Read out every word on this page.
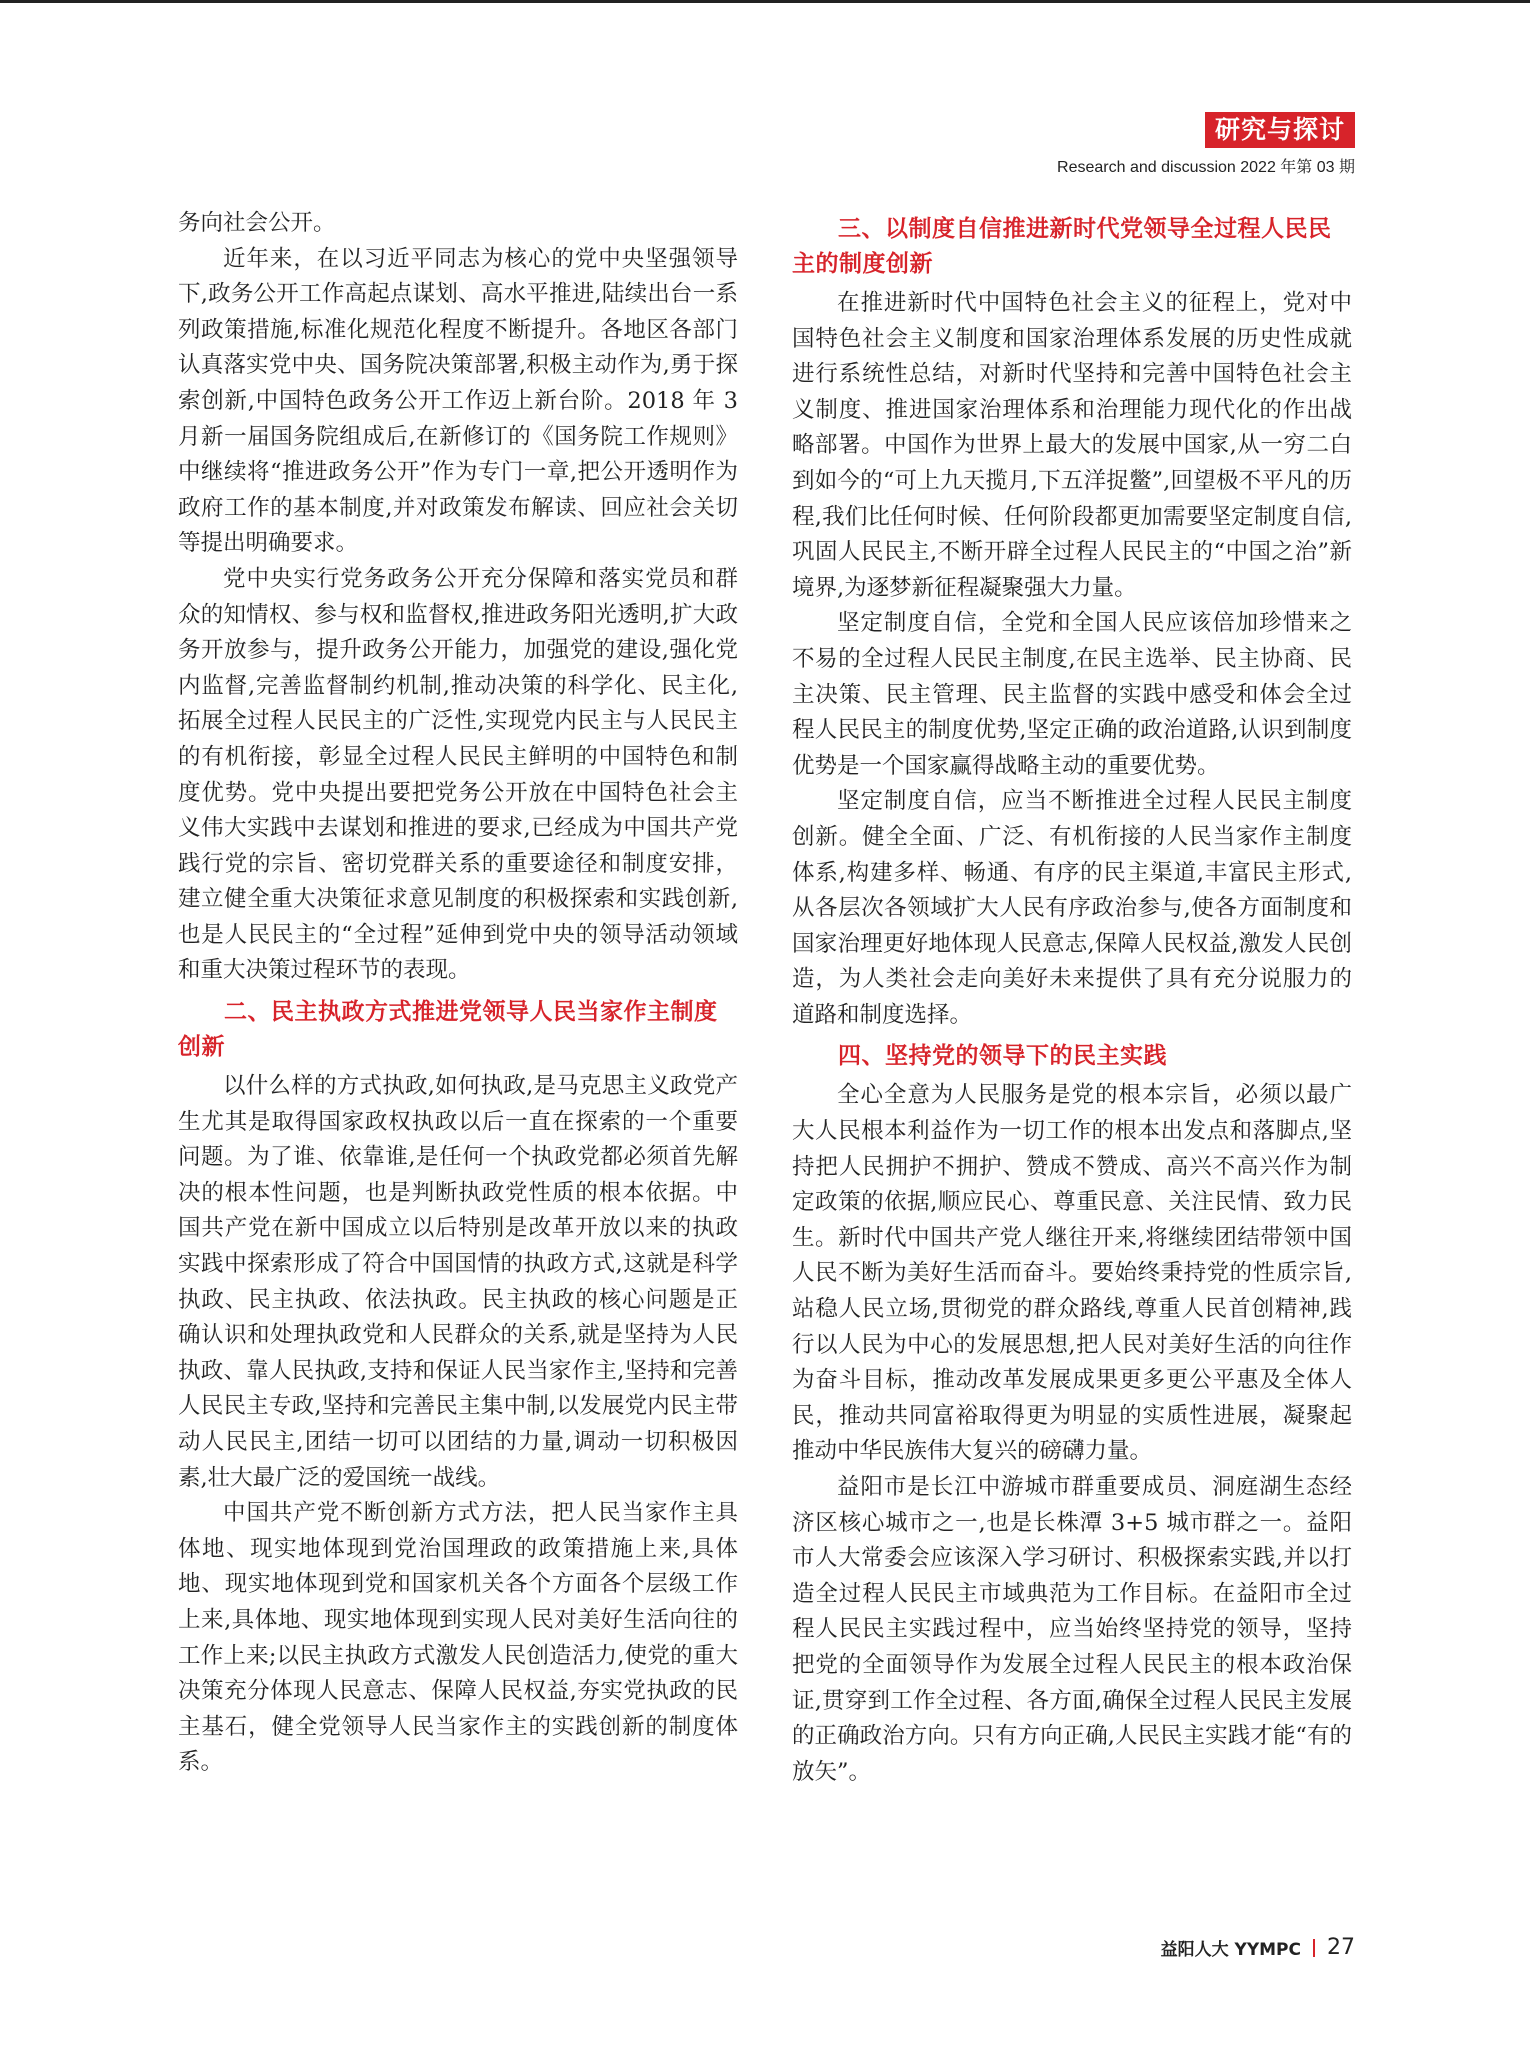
研究与探讨
Research and discussion 2022 年第 03 期

务向社会公开。

近年来，在以习近平同志为核心的党中央坚强领导下,政务公开工作高起点谋划、高水平推进,陆续出台一系列政策措施,标准化规范化程度不断提升。各地区各部门认真落实党中央、国务院决策部署,积极主动作为,勇于探索创新,中国特色政务公开工作迈上新台阶。2018 年 3 月新一届国务院组成后,在新修订的《国务院工作规则》中继续将“推进政务公开”作为专门一章,把公开透明作为政府工作的基本制度,并对政策发布解读、回应社会关切等提出明确要求。

党中央实行党务政务公开充分保障和落实党员和群众的知情权、参与权和监督权,推进政务阳光透明,扩大政务开放参与，提升政务公开能力，加强党的建设,强化党内监督,完善监督制约机制,推动决策的科学化、民主化,拓展全过程人民民主的广泛性,实现党内民主与人民民主的有机衔接，彰显全过程人民民主鲜明的中国特色和制度优势。党中央提出要把党务公开放在中国特色社会主义伟大实践中去谋划和推进的要求,已经成为中国共产党践行党的宗旨、密切党群关系的重要途径和制度安排，建立健全重大决策征求意见制度的积极探索和实践创新,也是人民民主的“全过程”延伸到党中央的领导活动领域和重大决策过程环节的表现。

二、民主执政方式推进党领导人民当家作主制度创新

以什么样的方式执政,如何执政,是马克思主义政党产生尤其是取得国家政权执政以后一直在探索的一个重要问题。为了谁、依靠谁,是任何一个执政党都必须首先解决的根本性问题，也是判断执政党性质的根本依据。中国共产党在新中国成立以后特别是改革开放以来的执政实践中探索形成了符合中国国情的执政方式,这就是科学执政、民主执政、依法执政。民主执政的核心问题是正确认识和处理执政党和人民群众的关系,就是坚持为人民执政、靠人民执政,支持和保证人民当家作主,坚持和完善人民民主专政,坚持和完善民主集中制,以发展党内民主带动人民民主,团结一切可以团结的力量,调动一切积极因素,壮大最广泛的爱国统一战线。

中国共产党不断创新方式方法，把人民当家作主具体地、现实地体现到党治国理政的政策措施上来,具体地、现实地体现到党和国家机关各个方面各个层级工作上来,具体地、现实地体现到实现人民对美好生活向往的工作上来;以民主执政方式激发人民创造活力,使党的重大决策充分体现人民意志、保障人民权益,夯实党执政的民主基石，健全党领导人民当家作主的实践创新的制度体系。

三、以制度自信推进新时代党领导全过程人民民主的制度创新

在推进新时代中国特色社会主义的征程上，党对中国特色社会主义制度和国家治理体系发展的历史性成就进行系统性总结，对新时代坚持和完善中国特色社会主义制度、推进国家治理体系和治理能力现代化的作出战略部署。中国作为世界上最大的发展中国家,从一穷二白到如今的“可上九天揽月,下五洋捉鳖”,回望极不平凡的历程,我们比任何时候、任何阶段都更加需要坚定制度自信,巩固人民民主,不断开辟全过程人民民主的“中国之治”新境界,为逐梦新征程凝聚强大力量。

坚定制度自信，全党和全国人民应该倍加珍惜来之不易的全过程人民民主制度,在民主选举、民主协商、民主决策、民主管理、民主监督的实践中感受和体会全过程人民民主的制度优势,坚定正确的政治道路,认识到制度优势是一个国家赢得战略主动的重要优势。

坚定制度自信，应当不断推进全过程人民民主制度创新。健全全面、广泛、有机衔接的人民当家作主制度体系,构建多样、畅通、有序的民主渠道,丰富民主形式,从各层次各领域扩大人民有序政治参与,使各方面制度和国家治理更好地体现人民意志,保障人民权益,激发人民创造，为人类社会走向美好未来提供了具有充分说服力的道路和制度选择。

四、坚持党的领导下的民主实践

全心全意为人民服务是党的根本宗旨，必须以最广大人民根本利益作为一切工作的根本出发点和落脚点,坚持把人民拥护不拥护、赞成不赞成、高兴不高兴作为制定政策的依据,顺应民心、尊重民意、关注民情、致力民生。新时代中国共产党人继往开来,将继续团结带领中国人民不断为美好生活而奋斗。要始终秉持党的性质宗旨,站稳人民立场,贯彻党的群众路线,尊重人民首创精神,践行以人民为中心的发展思想,把人民对美好生活的向往作为奋斗目标，推动改革发展成果更多更公平惠及全体人民，推动共同富裕取得更为明显的实质性进展，凝聚起推动中华民族伟大复兴的磅礴力量。

益阳市是长江中游城市群重要成员、洞庭湖生态经济区核心城市之一,也是长株潭 3+5 城市群之一。益阳市人大常委会应该深入学习研讨、积极探索实践,并以打造全过程人民民主市域典范为工作目标。在益阳市全过程人民民主实践过程中，应当始终坚持党的领导，坚持把党的全面领导作为发展全过程人民民主的根本政治保证,贯穿到工作全过程、各方面,确保全过程人民民主发展的正确政治方向。只有方向正确,人民民主实践才能“有的放矢”。

益阳人大 YYMPC 27
